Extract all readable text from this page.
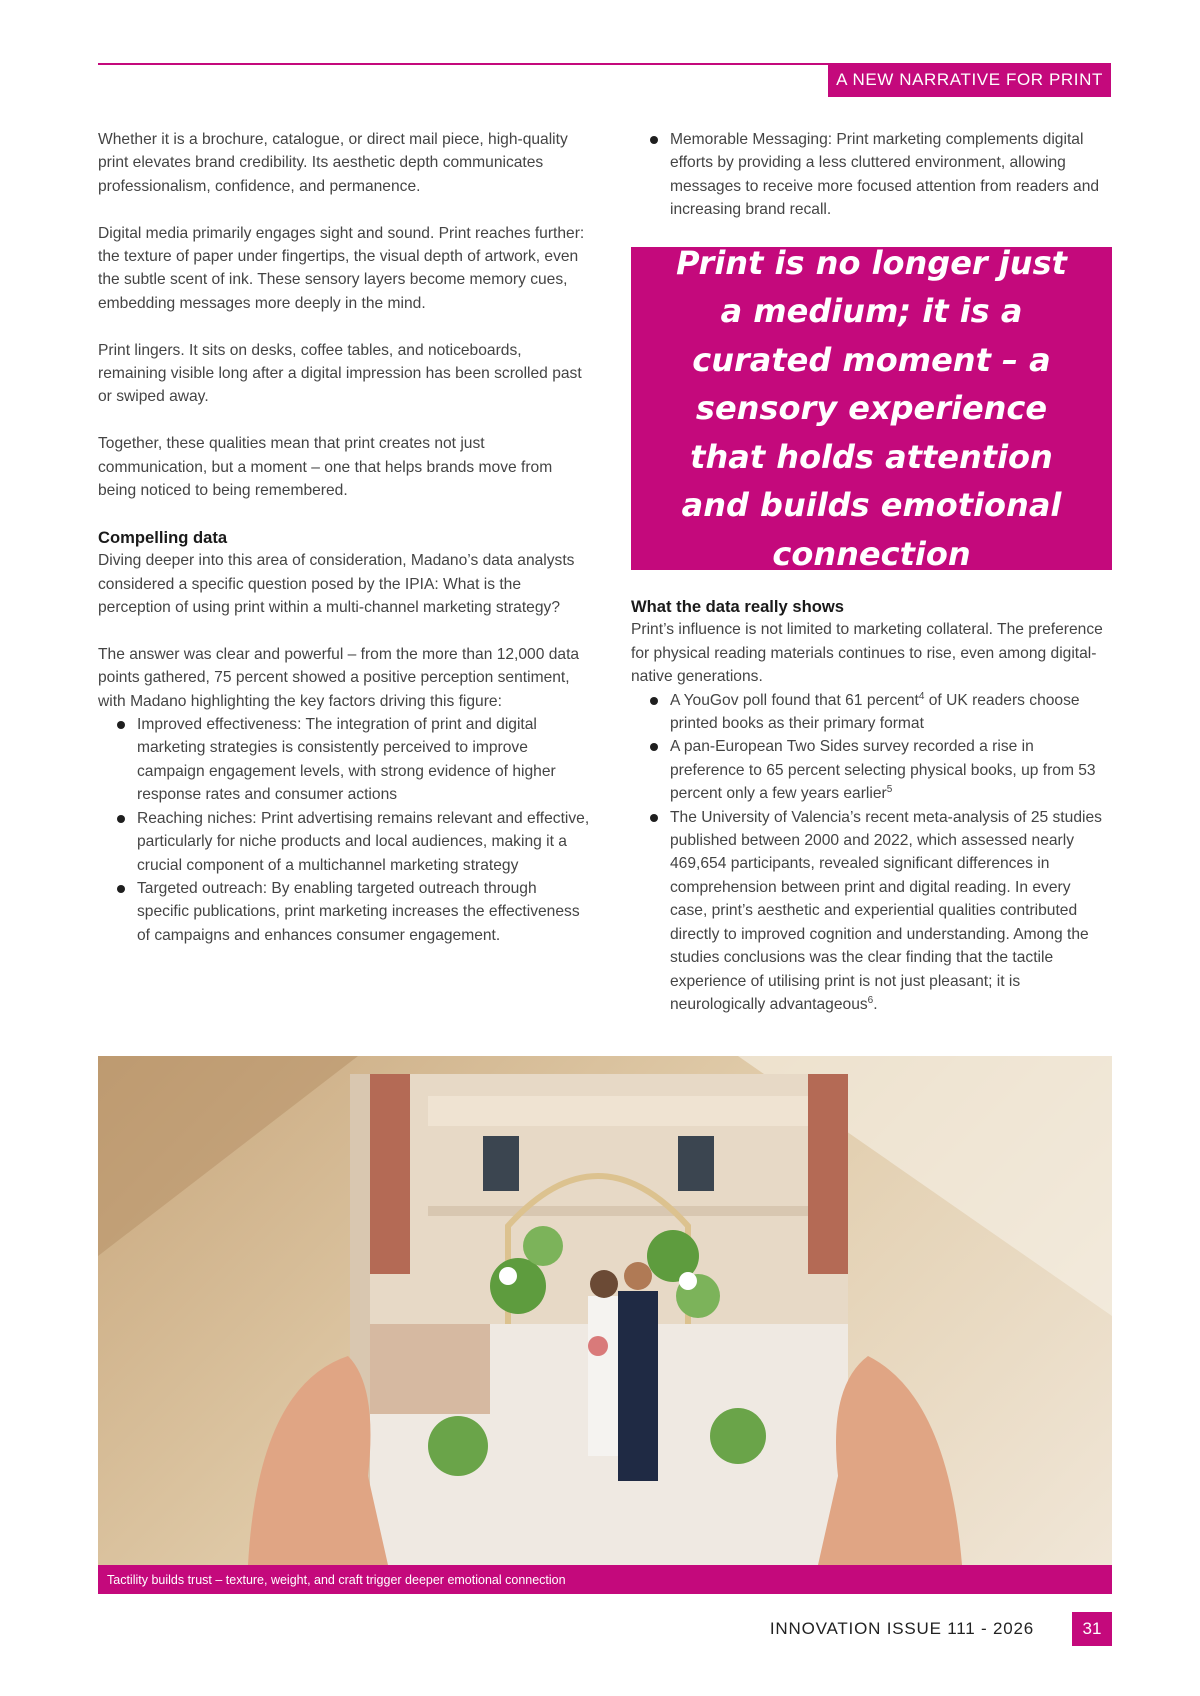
A NEW NARRATIVE FOR PRINT

Whether it is a brochure, catalogue, or direct mail piece, high-quality print elevates brand credibility. Its aesthetic depth communicates professionalism, confidence, and permanence.

Digital media primarily engages sight and sound. Print reaches further: the texture of paper under fingertips, the visual depth of artwork, even the subtle scent of ink. These sensory layers become memory cues, embedding messages more deeply in the mind.

Print lingers. It sits on desks, coffee tables, and noticeboards, remaining visible long after a digital impression has been scrolled past or swiped away.

Together, these qualities mean that print creates not just communication, but a moment – one that helps brands move from being noticed to being remembered.

Compelling data

Diving deeper into this area of consideration, Madano’s data analysts considered a specific question posed by the IPIA: What is the perception of using print within a multi-channel marketing strategy?

The answer was clear and powerful – from the more than 12,000 data points gathered, 75 percent showed a positive perception sentiment, with Madano highlighting the key factors driving this figure:

Improved effectiveness: The integration of print and digital marketing strategies is consistently perceived to improve campaign engagement levels, with strong evidence of higher response rates and consumer actions
Reaching niches: Print advertising remains relevant and effective, particularly for niche products and local audiences, making it a crucial component of a multichannel marketing strategy
Targeted outreach: By enabling targeted outreach through specific publications, print marketing increases the effectiveness of campaigns and enhances consumer engagement.
Memorable Messaging: Print marketing complements digital efforts by providing a less cluttered environment, allowing messages to receive more focused attention from readers and increasing brand recall.
Print is no longer just a medium; it is a curated moment – a sensory experience that holds attention and builds emotional connection
What the data really shows

Print’s influence is not limited to marketing collateral. The preference for physical reading materials continues to rise, even among digital-native generations.

A YouGov poll found that 61 percent$^4$ of UK readers choose printed books as their primary format
A pan-European Two Sides survey recorded a rise in preference to 65 percent selecting physical books, up from 53 percent only a few years earlier$^5$
The University of Valencia’s recent meta-analysis of 25 studies published between 2000 and 2022, which assessed nearly 469,654 participants, revealed significant differences in comprehension between print and digital reading. In every case, print’s aesthetic and experiential qualities contributed directly to improved cognition and understanding. Among the studies conclusions was the clear finding that the tactile experience of utilising print is not just pleasant; it is neurologically advantageous$^6$.
Tactility builds trust – texture, weight, and craft trigger deeper emotional connection
INNOVATION ISSUE 111 - 2026	31
